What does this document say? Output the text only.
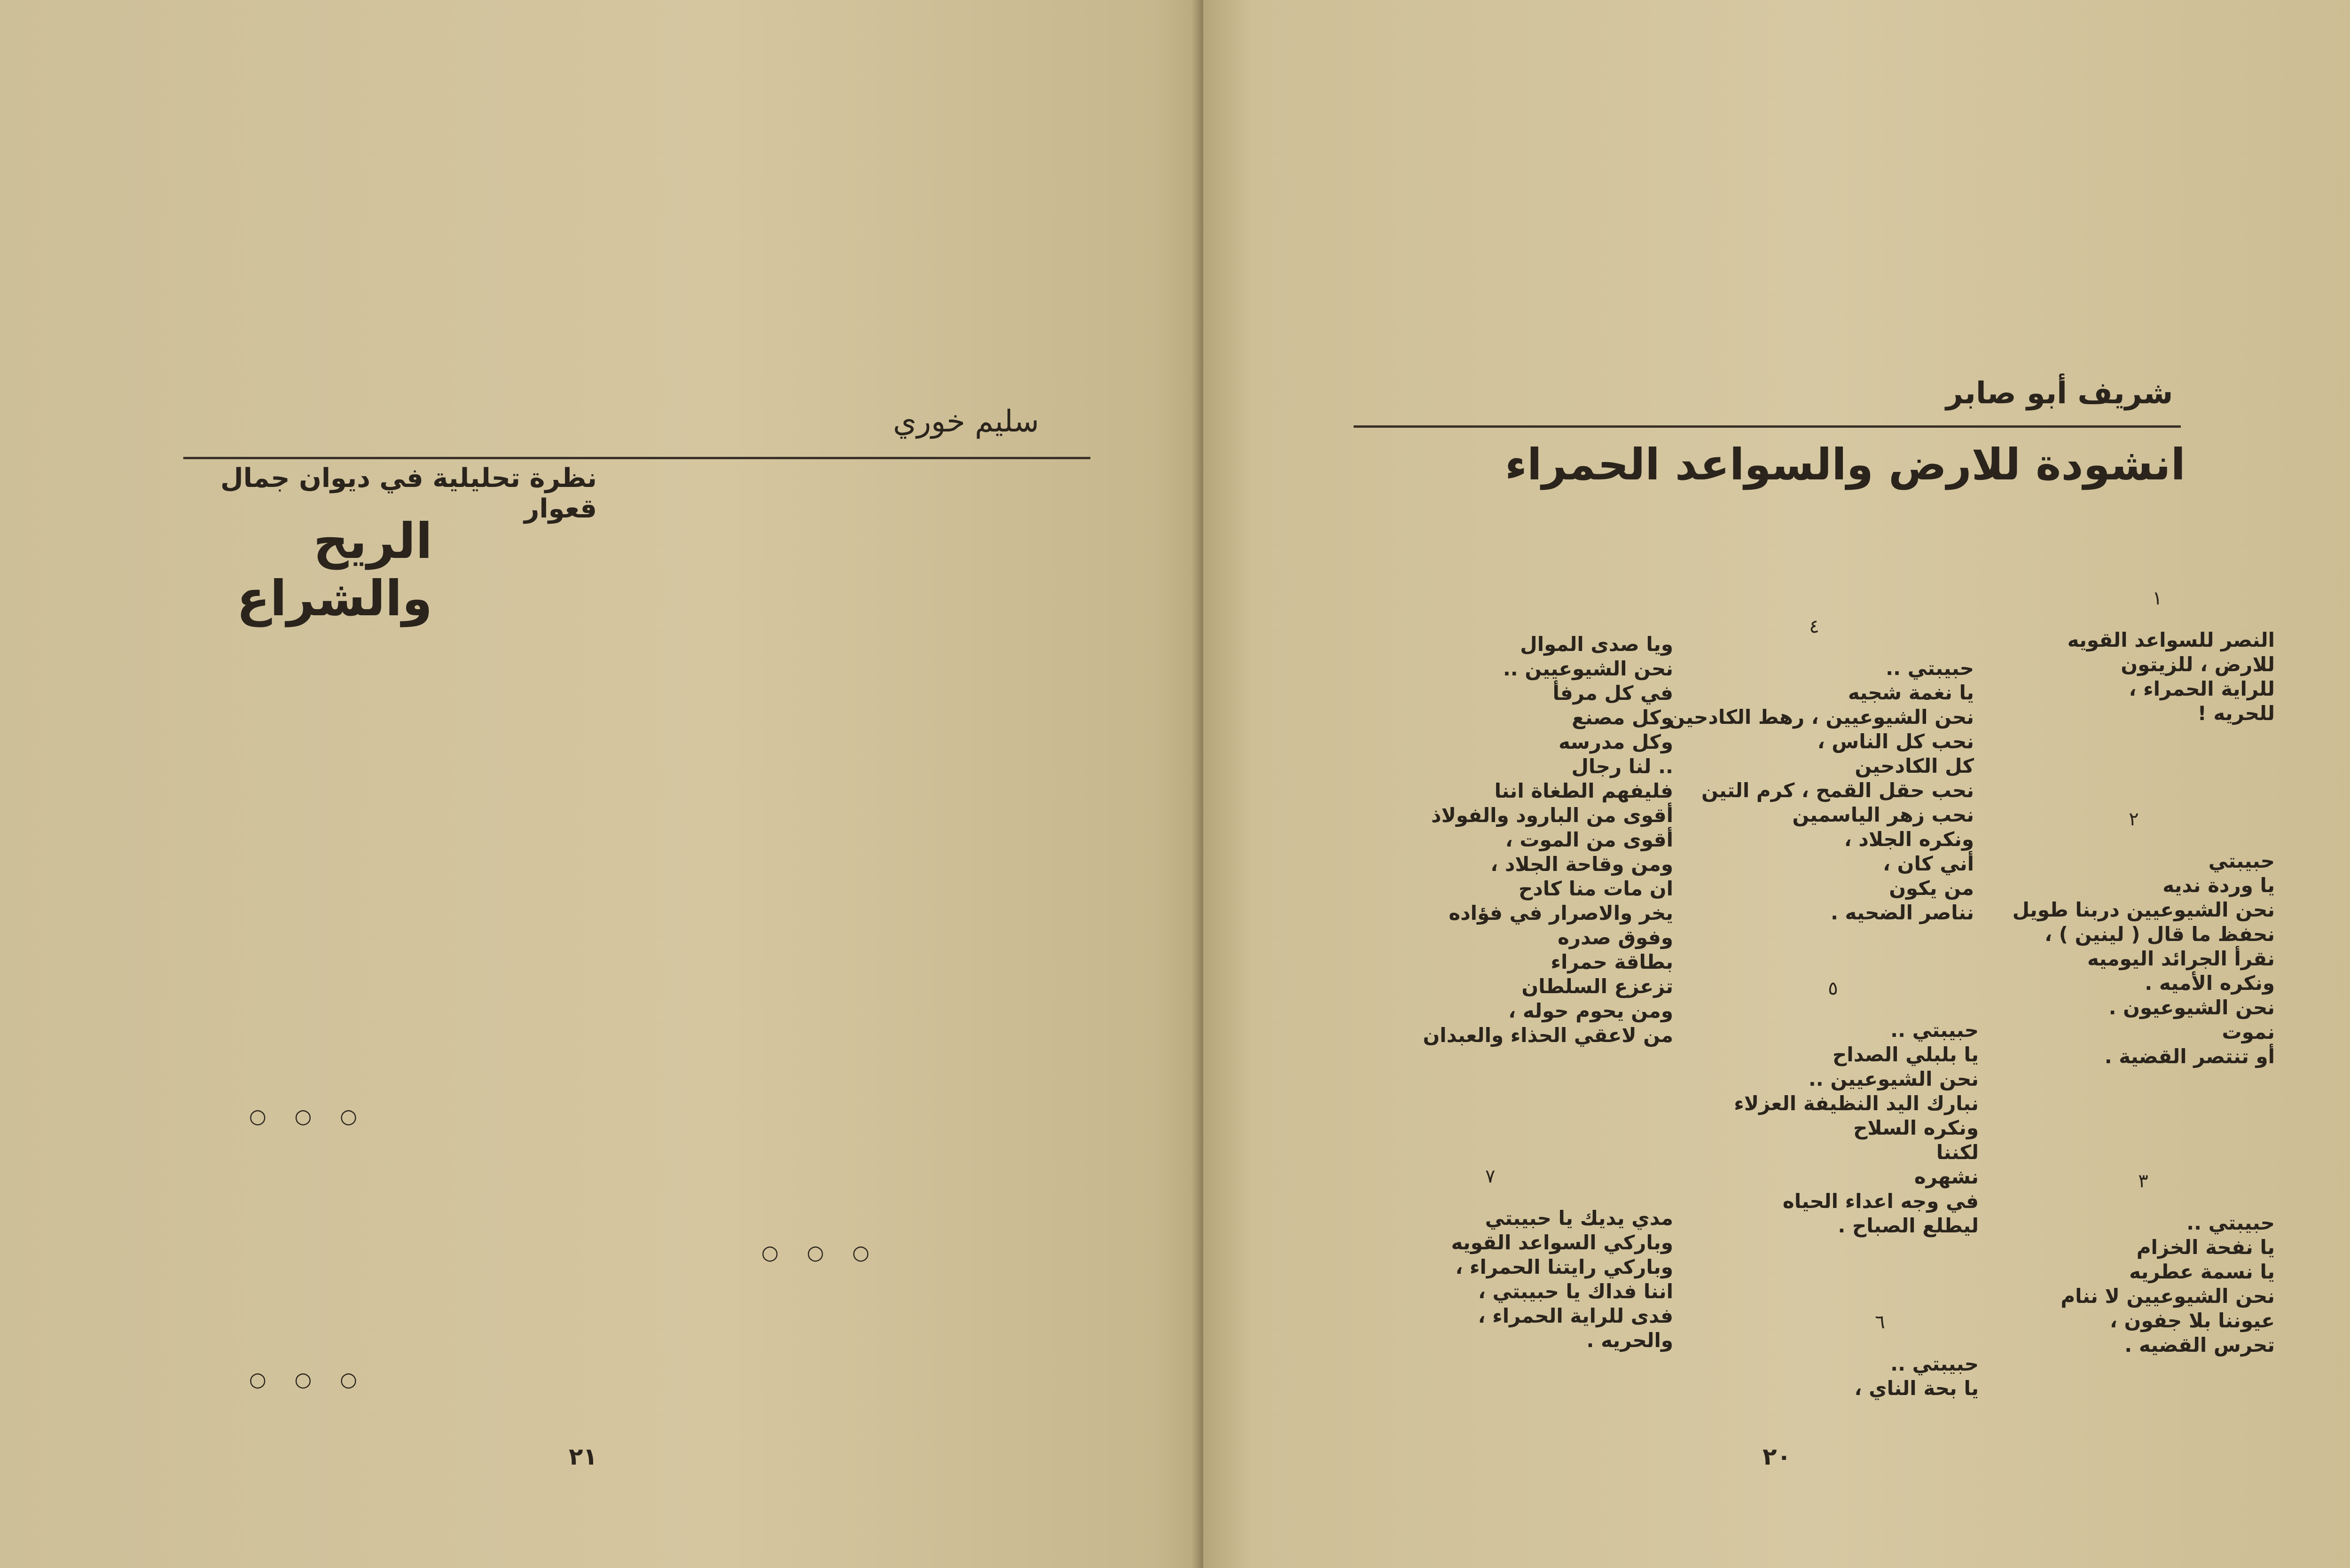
سليم خوري
نظرة تحليلية في ديوان جمال قعوار
الريح والشراع
○○○
○○○
○○○
٢١
شريف أبو صابر
انشودة للارض والسواعد الحمراء
١
النصر للسواعد القويه
للارض ، للزيتون
للراية الحمراء ،
للحريه !
٢
حبيبتي
يا وردة نديه
نحن الشيوعيين دربنا طويل
نحفظ ما قال ( لينين ) ،
نقرأ الجرائد اليوميه
ونكره الأميه .
نحن الشيوعيون .
نموت
أو تنتصر القضية .
٣
حبيبتي ..
يا نفحة الخزام
يا نسمة عطريه
نحن الشيوعيين لا ننام
عيوننا بلا جفون ،
تحرس القضيه .
٤
حبيبتي ..
يا نغمة شجيه
نحن الشيوعيين ، رهط الكادحين
نحب كل الناس ،
كل الكادحين
نحب حقل القمح ، كرم التين
نحب زهر الياسمين
ونكره الجلاد ،
أني كان ،
من يكون
نناصر الضحيه .
٥
حبيبتي ..
يا بلبلي الصداح
نحن الشيوعيين ..
نبارك اليد النظيفة العزلاء
ونكره السلاح
لكننا
نشهره
في وجه اعداء الحياه
ليطلع الصباح .
٦
حبيبتي ..
يا بحة الناي ،
ويا صدى الموال
نحن الشيوعيين ..
في كل مرفأ
وكل مصنع
وكل مدرسه
.. لنا رجال
فليفهم الطغاة اننا
أقوى من البارود والفولاذ
أقوى من الموت ،
ومن وقاحة الجلاد ،
ان مات منا كادح
يخر والاصرار في فؤاده
وفوق صدره
بطاقة حمراء
تزعزع السلطان
ومن يحوم حوله ،
من لاعقي الحذاء والعبدان
٧
مدي يديك يا حبيبتي
وباركي السواعد القويه
وباركي رايتنا الحمراء ،
اننا فداك يا حبيبتي ،
فدى للراية الحمراء ،
والحريه .
٢٠
